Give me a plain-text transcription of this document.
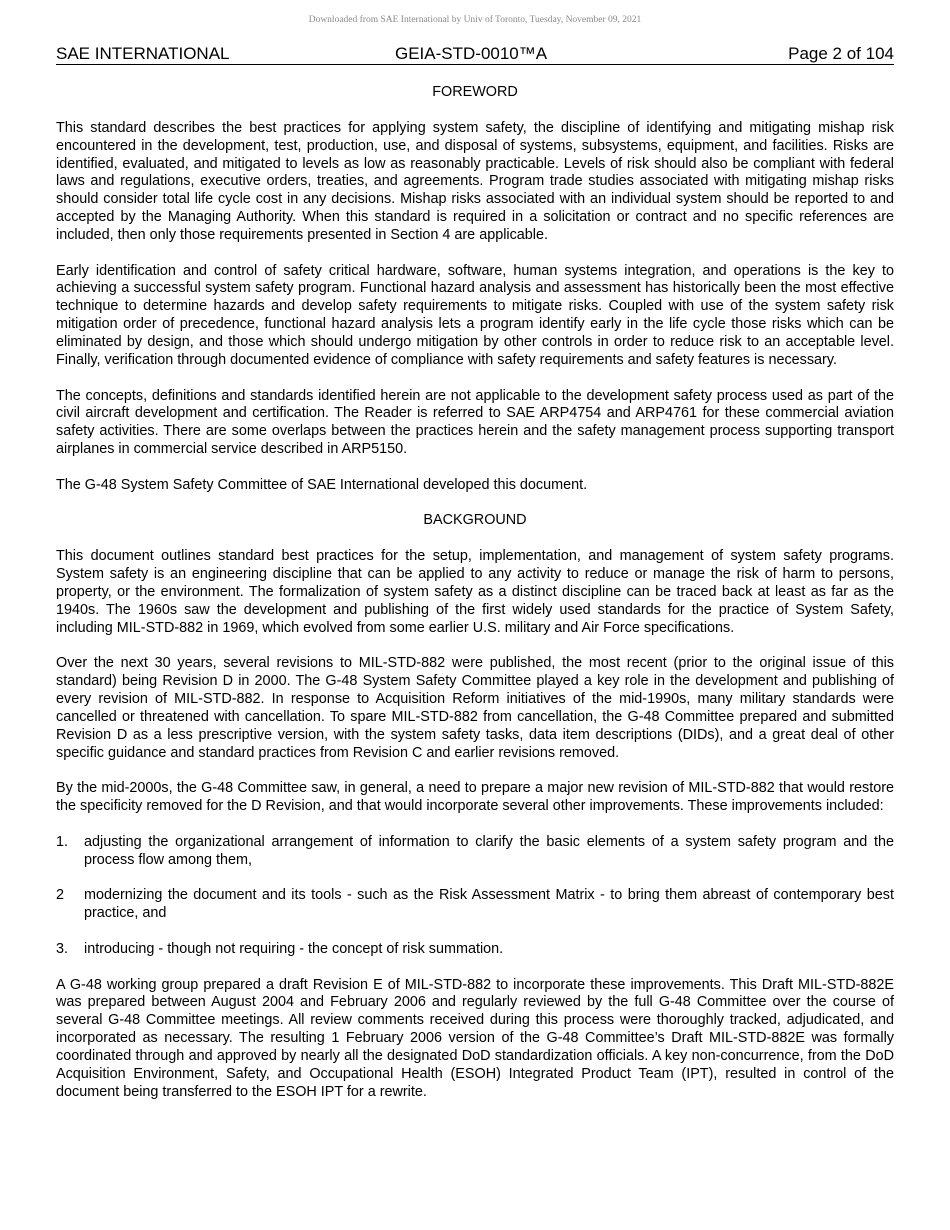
Downloaded from SAE International by Univ of Toronto, Tuesday, November 09, 2021
SAE INTERNATIONAL	GEIA-STD-0010™A	Page 2 of 104
FOREWORD

This standard describes the best practices for applying system safety, the discipline of identifying and mitigating mishap risk encountered in the development, test, production, use, and disposal of systems, subsystems, equipment, and facilities. Risks are identified, evaluated, and mitigated to levels as low as reasonably practicable. Levels of risk should also be compliant with federal laws and regulations, executive orders, treaties, and agreements. Program trade studies associated with mitigating mishap risks should consider total life cycle cost in any decisions. Mishap risks associated with an individual system should be reported to and accepted by the Managing Authority. When this standard is required in a solicitation or contract and no specific references are included, then only those requirements presented in Section 4 are applicable.

Early identification and control of safety critical hardware, software, human systems integration, and operations is the key to achieving a successful system safety program. Functional hazard analysis and assessment has historically been the most effective technique to determine hazards and develop safety requirements to mitigate risks. Coupled with use of the system safety risk mitigation order of precedence, functional hazard analysis lets a program identify early in the life cycle those risks which can be eliminated by design, and those which should undergo mitigation by other controls in order to reduce risk to an acceptable level. Finally, verification through documented evidence of compliance with safety requirements and safety features is necessary.

The concepts, definitions and standards identified herein are not applicable to the development safety process used as part of the civil aircraft development and certification. The Reader is referred to SAE ARP4754 and ARP4761 for these commercial aviation safety activities. There are some overlaps between the practices herein and the safety management process supporting transport airplanes in commercial service described in ARP5150.

The G-48 System Safety Committee of SAE International developed this document.

BACKGROUND

This document outlines standard best practices for the setup, implementation, and management of system safety programs. System safety is an engineering discipline that can be applied to any activity to reduce or manage the risk of harm to persons, property, or the environment. The formalization of system safety as a distinct discipline can be traced back at least as far as the 1940s. The 1960s saw the development and publishing of the first widely used standards for the practice of System Safety, including MIL-STD-882 in 1969, which evolved from some earlier U.S. military and Air Force specifications.

Over the next 30 years, several revisions to MIL-STD-882 were published, the most recent (prior to the original issue of this standard) being Revision D in 2000. The G-48 System Safety Committee played a key role in the development and publishing of every revision of MIL-STD-882. In response to Acquisition Reform initiatives of the mid-1990s, many military standards were cancelled or threatened with cancellation. To spare MIL-STD-882 from cancellation, the G-48 Committee prepared and submitted Revision D as a less prescriptive version, with the system safety tasks, data item descriptions (DIDs), and a great deal of other specific guidance and standard practices from Revision C and earlier revisions removed.

By the mid-2000s, the G-48 Committee saw, in general, a need to prepare a major new revision of MIL-STD-882 that would restore the specificity removed for the D Revision, and that would incorporate several other improvements. These improvements included:

1.	adjusting the organizational arrangement of information to clarify the basic elements of a system safety program and the process flow among them,
2	modernizing the document and its tools - such as the Risk Assessment Matrix - to bring them abreast of contemporary best practice, and
3.	introducing - though not requiring - the concept of risk summation.

A G-48 working group prepared a draft Revision E of MIL-STD-882 to incorporate these improvements. This Draft MIL-STD-882E was prepared between August 2004 and February 2006 and regularly reviewed by the full G-48 Committee over the course of several G-48 Committee meetings. All review comments received during this process were thoroughly tracked, adjudicated, and incorporated as necessary. The resulting 1 February 2006 version of the G-48 Committee’s Draft MIL-STD-882E was formally coordinated through and approved by nearly all the designated DoD standardization officials. A key non-concurrence, from the DoD Acquisition Environment, Safety, and Occupational Health (ESOH) Integrated Product Team (IPT), resulted in control of the document being transferred to the ESOH IPT for a rewrite.
